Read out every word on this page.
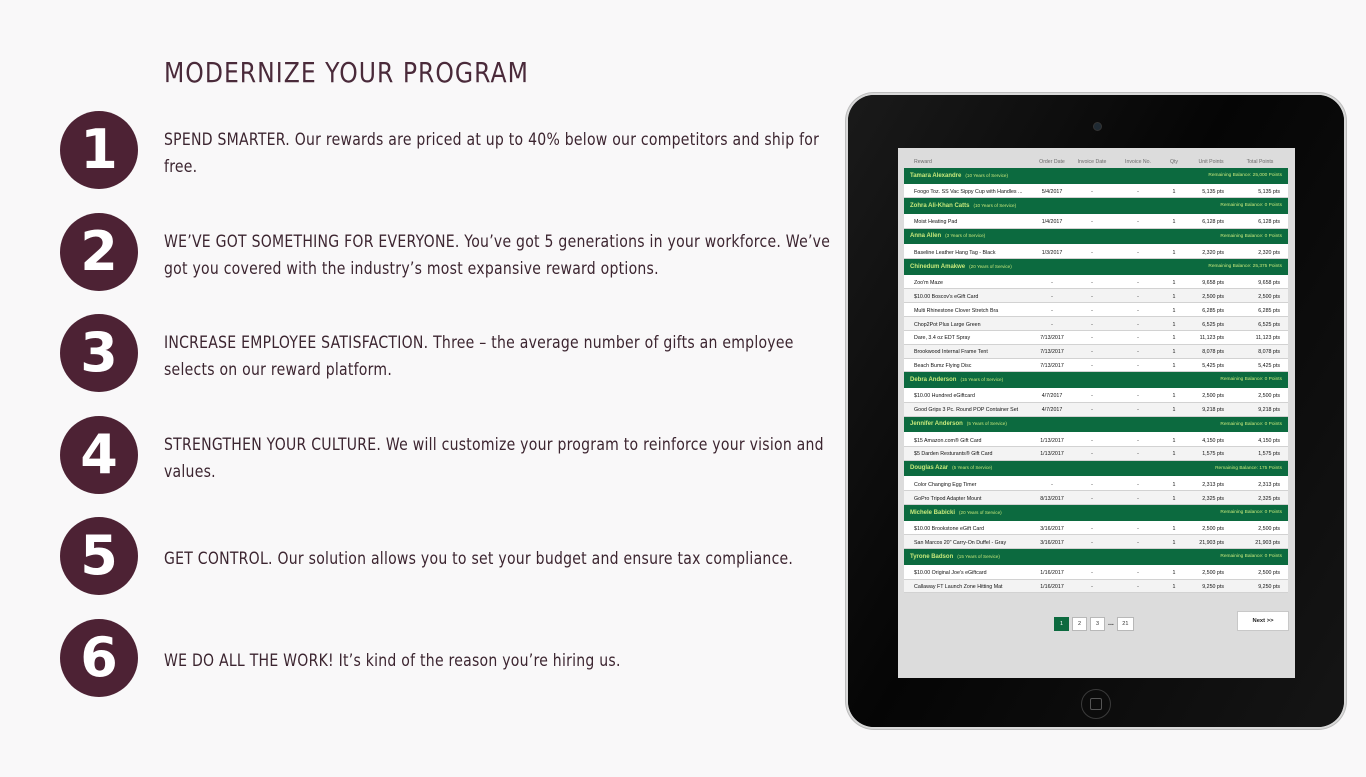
MODERNIZE YOUR PROGRAM
1	SPEND SMARTER. Our rewards are priced at up to 40% below our competitors and ship for free.

2	WE’VE GOT SOMETHING FOR EVERYONE. You’ve got 5 generations in your workforce. We’ve got you covered with the industry’s most expansive reward options.

3	INCREASE EMPLOYEE SATISFACTION. Three – the average number of gifts an employee selects on our reward platform.

4	STRENGTHEN YOUR CULTURE. We will customize your program to reinforce your vision and values.

5	GET CONTROL. Our solution allows you to set your budget and ensure tax compliance.

6	WE DO ALL THE WORK! It’s kind of the reason you’re hiring us.

Reward	Order Date	Invoice Date	Invoice No.	Qty	Unit Points	Total Points
Tamara Alexandre (10 Years of Service)	Remaining Balance: 25,000 Points
Foogo Toz. SS Vac Sippy Cup with Handles ...	5/4/2017	-	-	1	5,135 pts	5,135 pts
Zohra Ali-Khan Catts (10 Years of Service)	Remaining Balance: 0 Points
Moist Heating Pad	1/4/2017	-	-	1	6,128 pts	6,128 pts
Anna Allen (3 Years of Service)	Remaining Balance: 0 Points
Baseline Leather Hang Tag - Black	1/3/2017	-	-	1	2,320 pts	2,320 pts
Chinedum Amakwe (20 Years of Service)	Remaining Balance: 25,375 Points
Zoo'm Maze	-	-	-	1	9,658 pts	9,658 pts
$10.00 Boscov's eGift Card	-	-	-	1	2,500 pts	2,500 pts
Multi Rhinestone Clover Stretch Bra	-	-	-	1	6,285 pts	6,285 pts
Chop2Pot Plus Large Green	-	-	-	1	6,525 pts	6,525 pts
Dare, 3.4 oz EDT Spray	7/13/2017	-	-	1	11,123 pts	11,123 pts
Brookwood Internal Frame Tent	7/13/2017	-	-	1	8,078 pts	8,078 pts
Beach Bumz Flying Disc	7/13/2017	-	-	1	5,425 pts	5,425 pts
Debra Anderson (15 Years of Service)	Remaining Balance: 0 Points
$10.00 Hundred eGiftcard	4/7/2017	-	-	1	2,500 pts	2,500 pts
Good Grips 3 Pc. Round POP Container Set	4/7/2017	-	-	1	9,218 pts	9,218 pts
Jennifer Anderson (5 Years of Service)	Remaining Balance: 0 Points
$15 Amazon.com® Gift Card	1/13/2017	-	-	1	4,150 pts	4,150 pts
$5 Darden Resturants® Gift Card	1/13/2017	-	-	1	1,575 pts	1,575 pts
Douglas Azar (5 Years of Service)	Remaining Balance: 175 Points
Color Changing Egg Timer	-	-	-	1	2,313 pts	2,313 pts
GoPro Tripod Adapter Mount	8/13/2017	-	-	1	2,325 pts	2,325 pts
Michele Babicki (20 Years of Service)	Remaining Balance: 0 Points
$10.00 Brookstone eGift Card	3/16/2017	-	-	1	2,500 pts	2,500 pts
San Marcos 20" Carry-On Duffel - Gray	3/16/2017	-	-	1	21,903 pts	21,903 pts
Tyrone Badson (15 Years of Service)	Remaining Balance: 0 Points
$10.00 Original Joe's eGiftcard	1/16/2017	-	-	1	2,500 pts	2,500 pts
Callaway FT Launch Zone Hitting Mat	1/16/2017	-	-	1	9,250 pts	9,250 pts
1	2	3 ... 21	Next >>
